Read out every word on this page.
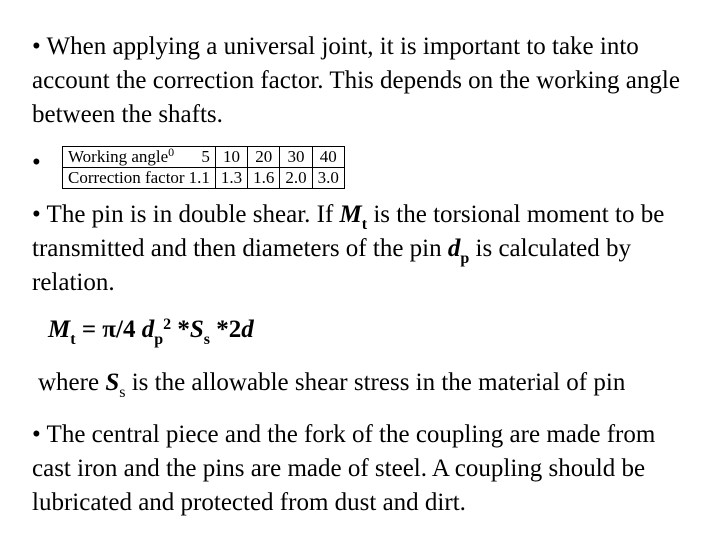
• When applying a universal joint, it is important to take into account the correction factor. This depends on the working angle between the shafts.

• Working angle$^0$	5	10	20	30	40
Correction factor	1.1	1.3	1.6	2.0	3.0

• The pin is in double shear. If $M_t$ is the torsional moment to be transmitted and then diameters of the pin $d_p$ is calculated by relation.

$M_t = \pi/4$ $d_p^2$ $*S_s$ *2d
where $S_s$ is the allowable shear stress in the material of pin

• The central piece and the fork of the coupling are made from cast iron and the pins are made of steel. A coupling should be lubricated and protected from dust and dirt.
